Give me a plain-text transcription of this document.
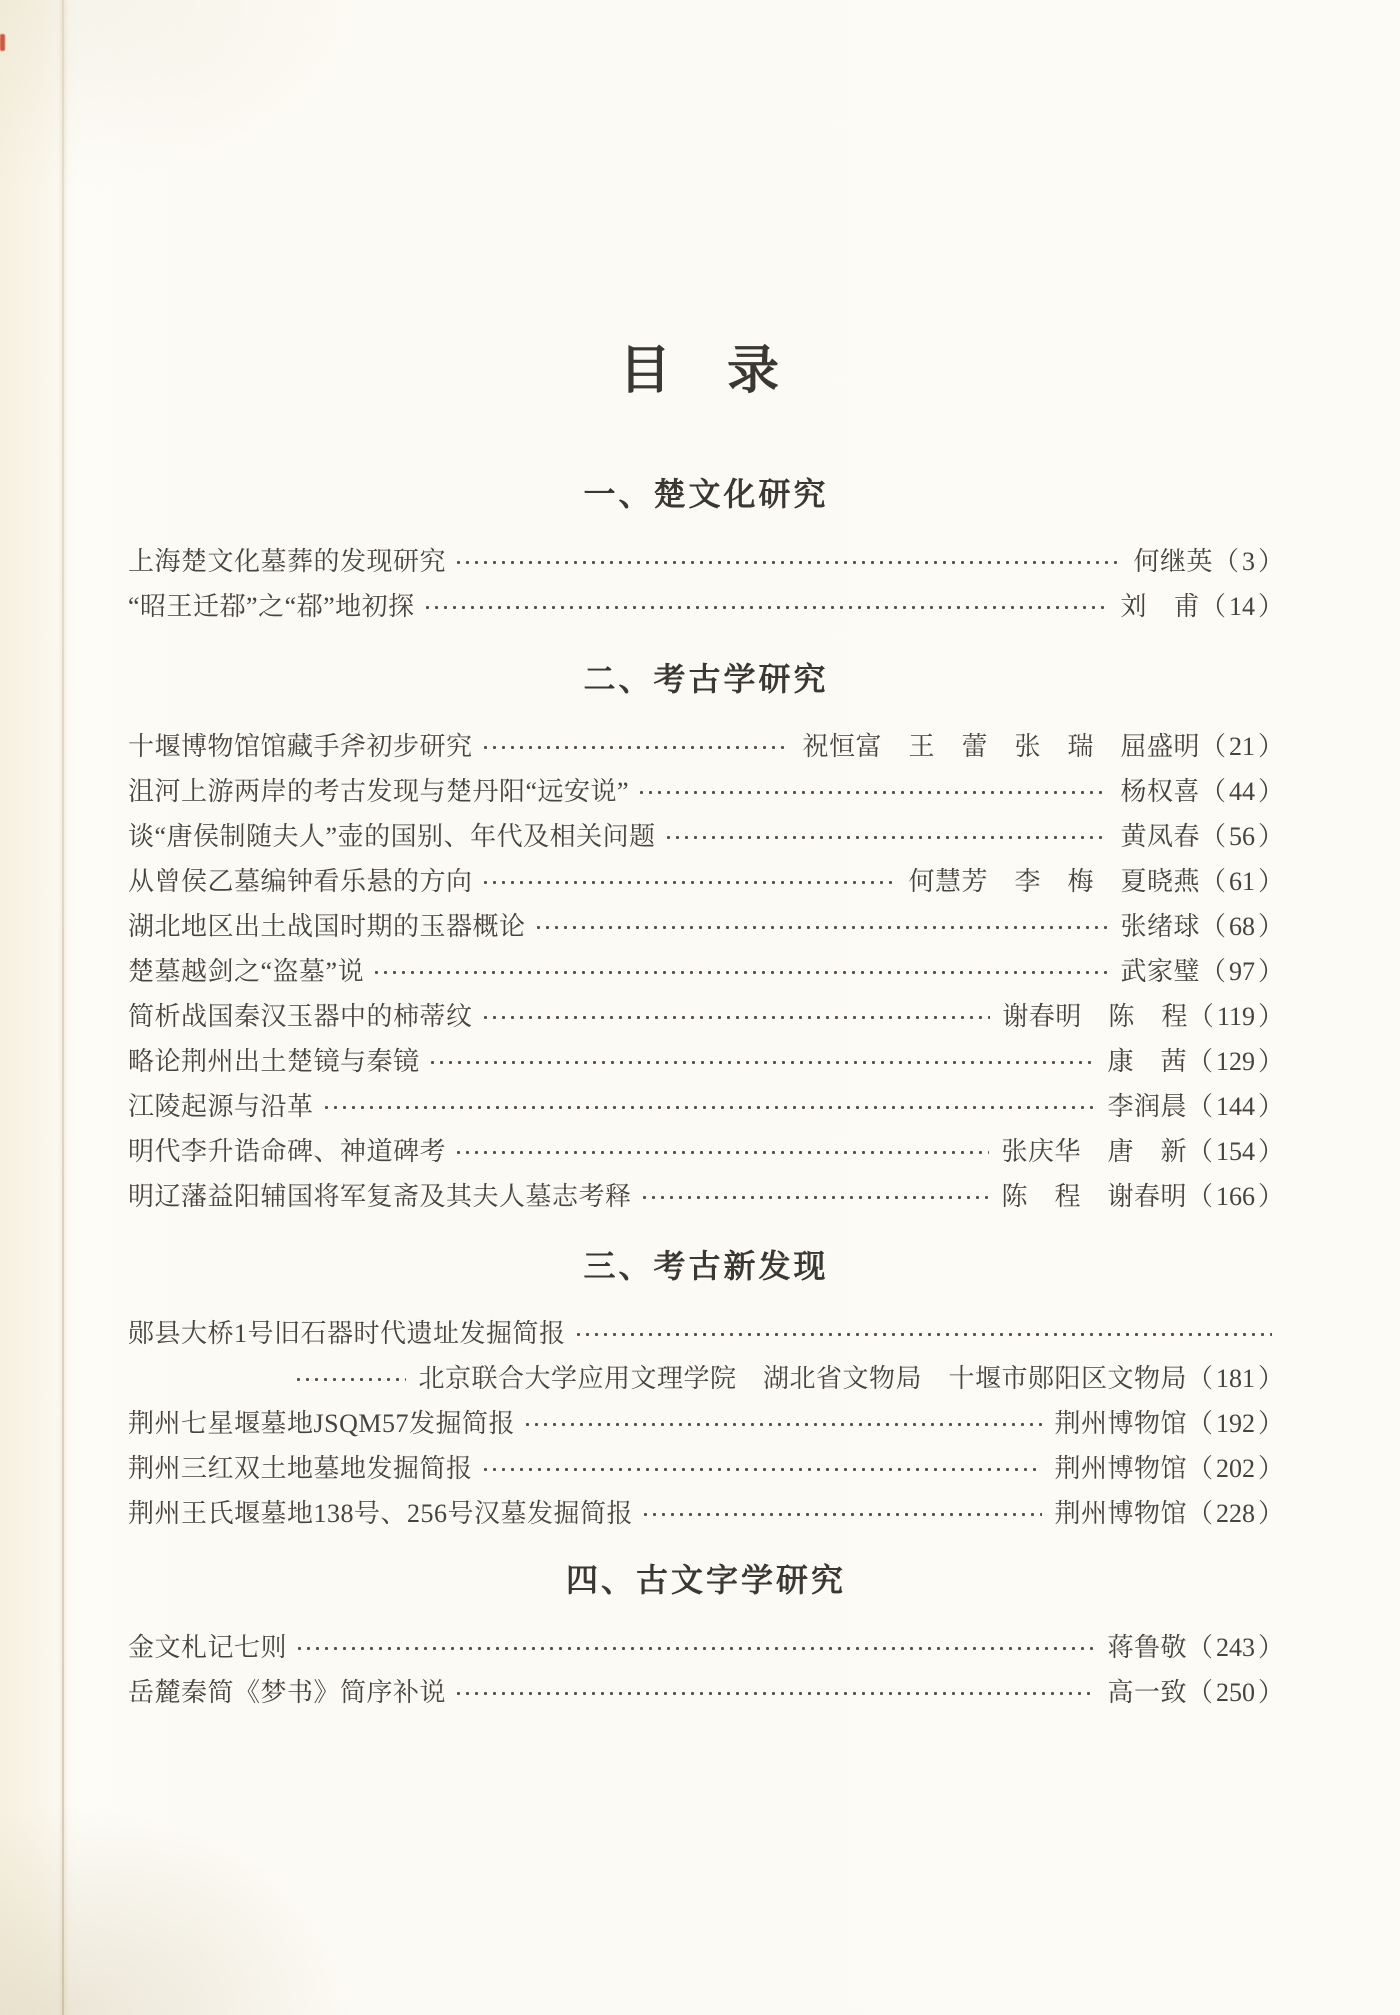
目　录
一、楚文化研究
上海楚文化墓葬的发现研究	何继英 （ 3 ）
“昭王迁鄀”之“鄀”地初探	刘　甫 （ 14 ）
二、考古学研究
十堰博物馆馆藏手斧初步研究	祝恒富　王　蕾　张　瑞　屈盛明 （ 21 ）
沮河上游两岸的考古发现与楚丹阳“远安说”	杨权喜 （ 44 ）
谈“唐侯制随夫人”壶的国别、年代及相关问题	黄凤春 （ 56 ）
从曾侯乙墓编钟看乐悬的方向	何慧芳　李　梅　夏晓燕 （ 61 ）
湖北地区出土战国时期的玉器概论	张绪球 （ 68 ）
楚墓越剑之“盗墓”说	武家璧 （ 97 ）
简析战国秦汉玉器中的柿蒂纹	谢春明　陈　程 （ 119 ）
略论荆州出土楚镜与秦镜	康　茜 （ 129 ）
江陵起源与沿革	李润晨 （ 144 ）
明代李升诰命碑、神道碑考	张庆华　唐　新 （ 154 ）
明辽藩益阳辅国将军复斋及其夫人墓志考释	陈　程　谢春明 （ 166 ）
三、考古新发现
郧县大桥1号旧石器时代遗址发掘简报
北京联合大学应用文理学院　湖北省文物局　十堰市郧阳区文物局 （ 181 ）
荆州七星堰墓地JSQM57发掘简报	荆州博物馆 （ 192 ）
荆州三红双土地墓地发掘简报	荆州博物馆 （ 202 ）
荆州王氏堰墓地138号、256号汉墓发掘简报	荆州博物馆 （ 228 ）
四、古文字学研究
金文札记七则	蒋鲁敬 （ 243 ）
岳麓秦简《梦书》简序补说	高一致 （ 250 ）
